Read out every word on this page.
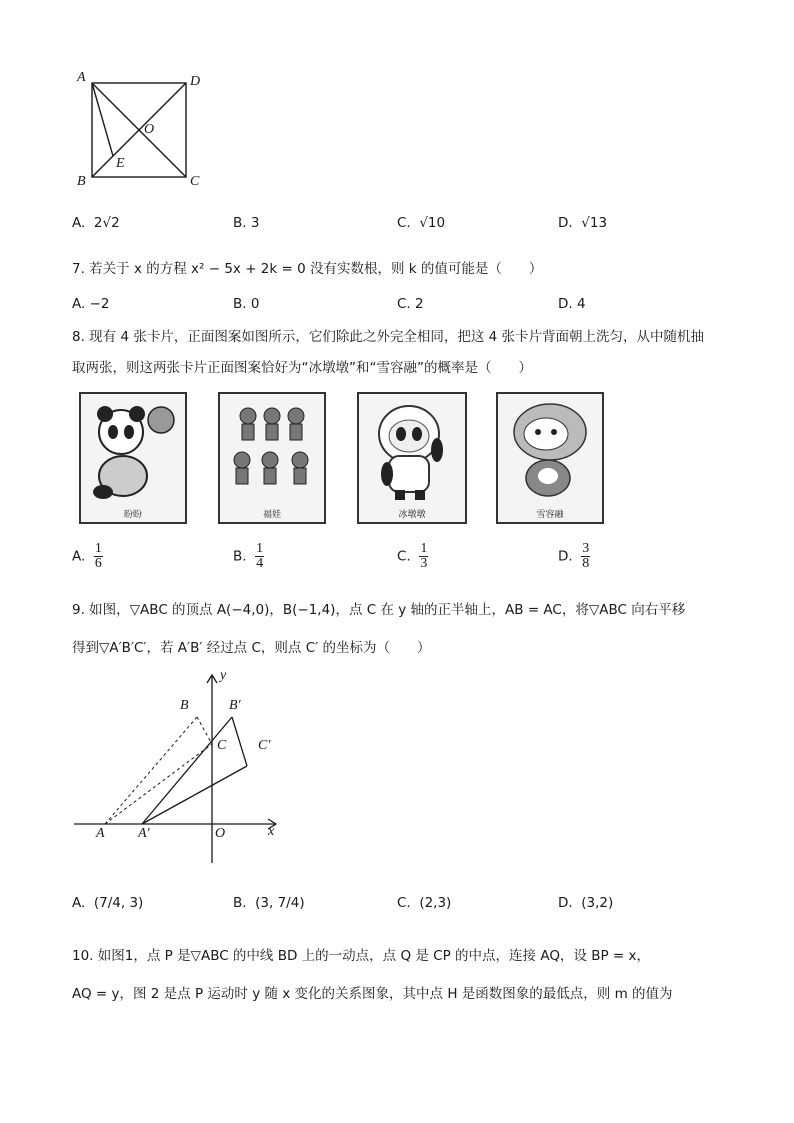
A	D
O
E
B	C
A. 2√2	B. 3	C. √10	D. √13
7. 若关于 x 的方程 x² − 5x + 2k = 0 没有实数根，则 k 的值可能是（　　）
A. −2	B. 0	C. 2	D. 4
8. 现有 4 张卡片，正面图案如图所示，它们除此之外完全相同，把这 4 张卡片背面朝上洗匀，从中随机抽
取两张，则这两张卡片正面图案恰好为“冰墩墩”和“雪容融”的概率是（　　）
盼盼	福娃	冰墩墩	雪容融
A. $\frac{1}{6}$	B. $\frac{1}{4}$	C. $\frac{1}{3}$	D. $\frac{3}{8}$
9. 如图，▽ABC 的顶点 A(−4,0)，B(−1,4)，点 C 在 y 轴的正半轴上，AB = AC，将▽ABC 向右平移
得到▽A′B′C′，若 A′B′ 经过点 C，则点 C′ 的坐标为（　　）
y
x
B	B′
C C′
A A′	O
A. (7/4, 3)	B. (3, 7/4)	C. (2,3)	D. (3,2)
10. 如图1，点 P 是▽ABC 的中线 BD 上的一动点，点 Q 是 CP 的中点，连接 AQ，设 BP = x，
AQ = y，图 2 是点 P 运动时 y 随 x 变化的关系图象，其中点 H 是函数图象的最低点，则 m 的值为
